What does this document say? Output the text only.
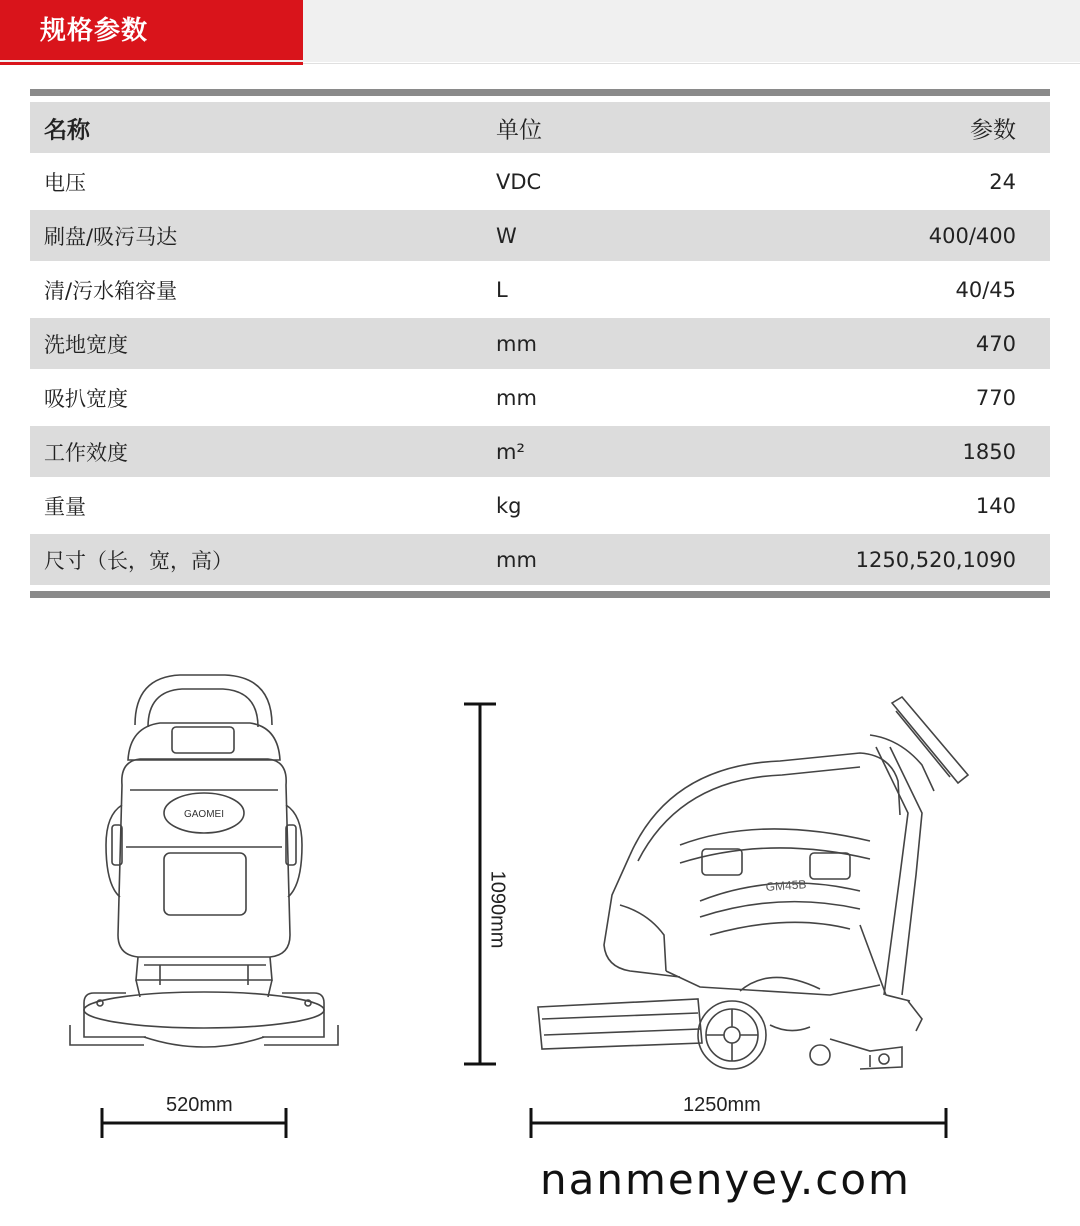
规格参数
名称	单位	参数
电压	VDC	24
刷盘/吸污马达	W	400/400
清/污水箱容量	L	40/45
洗地宽度	mm	470
吸扒宽度	mm	770
工作效度	m²	1850
重量	kg	140
尺寸（长，宽，高）	mm	1250,520,1090
GAOMEI
520mm
1090mm	GM45B
1250mm
nanmenyey.com
